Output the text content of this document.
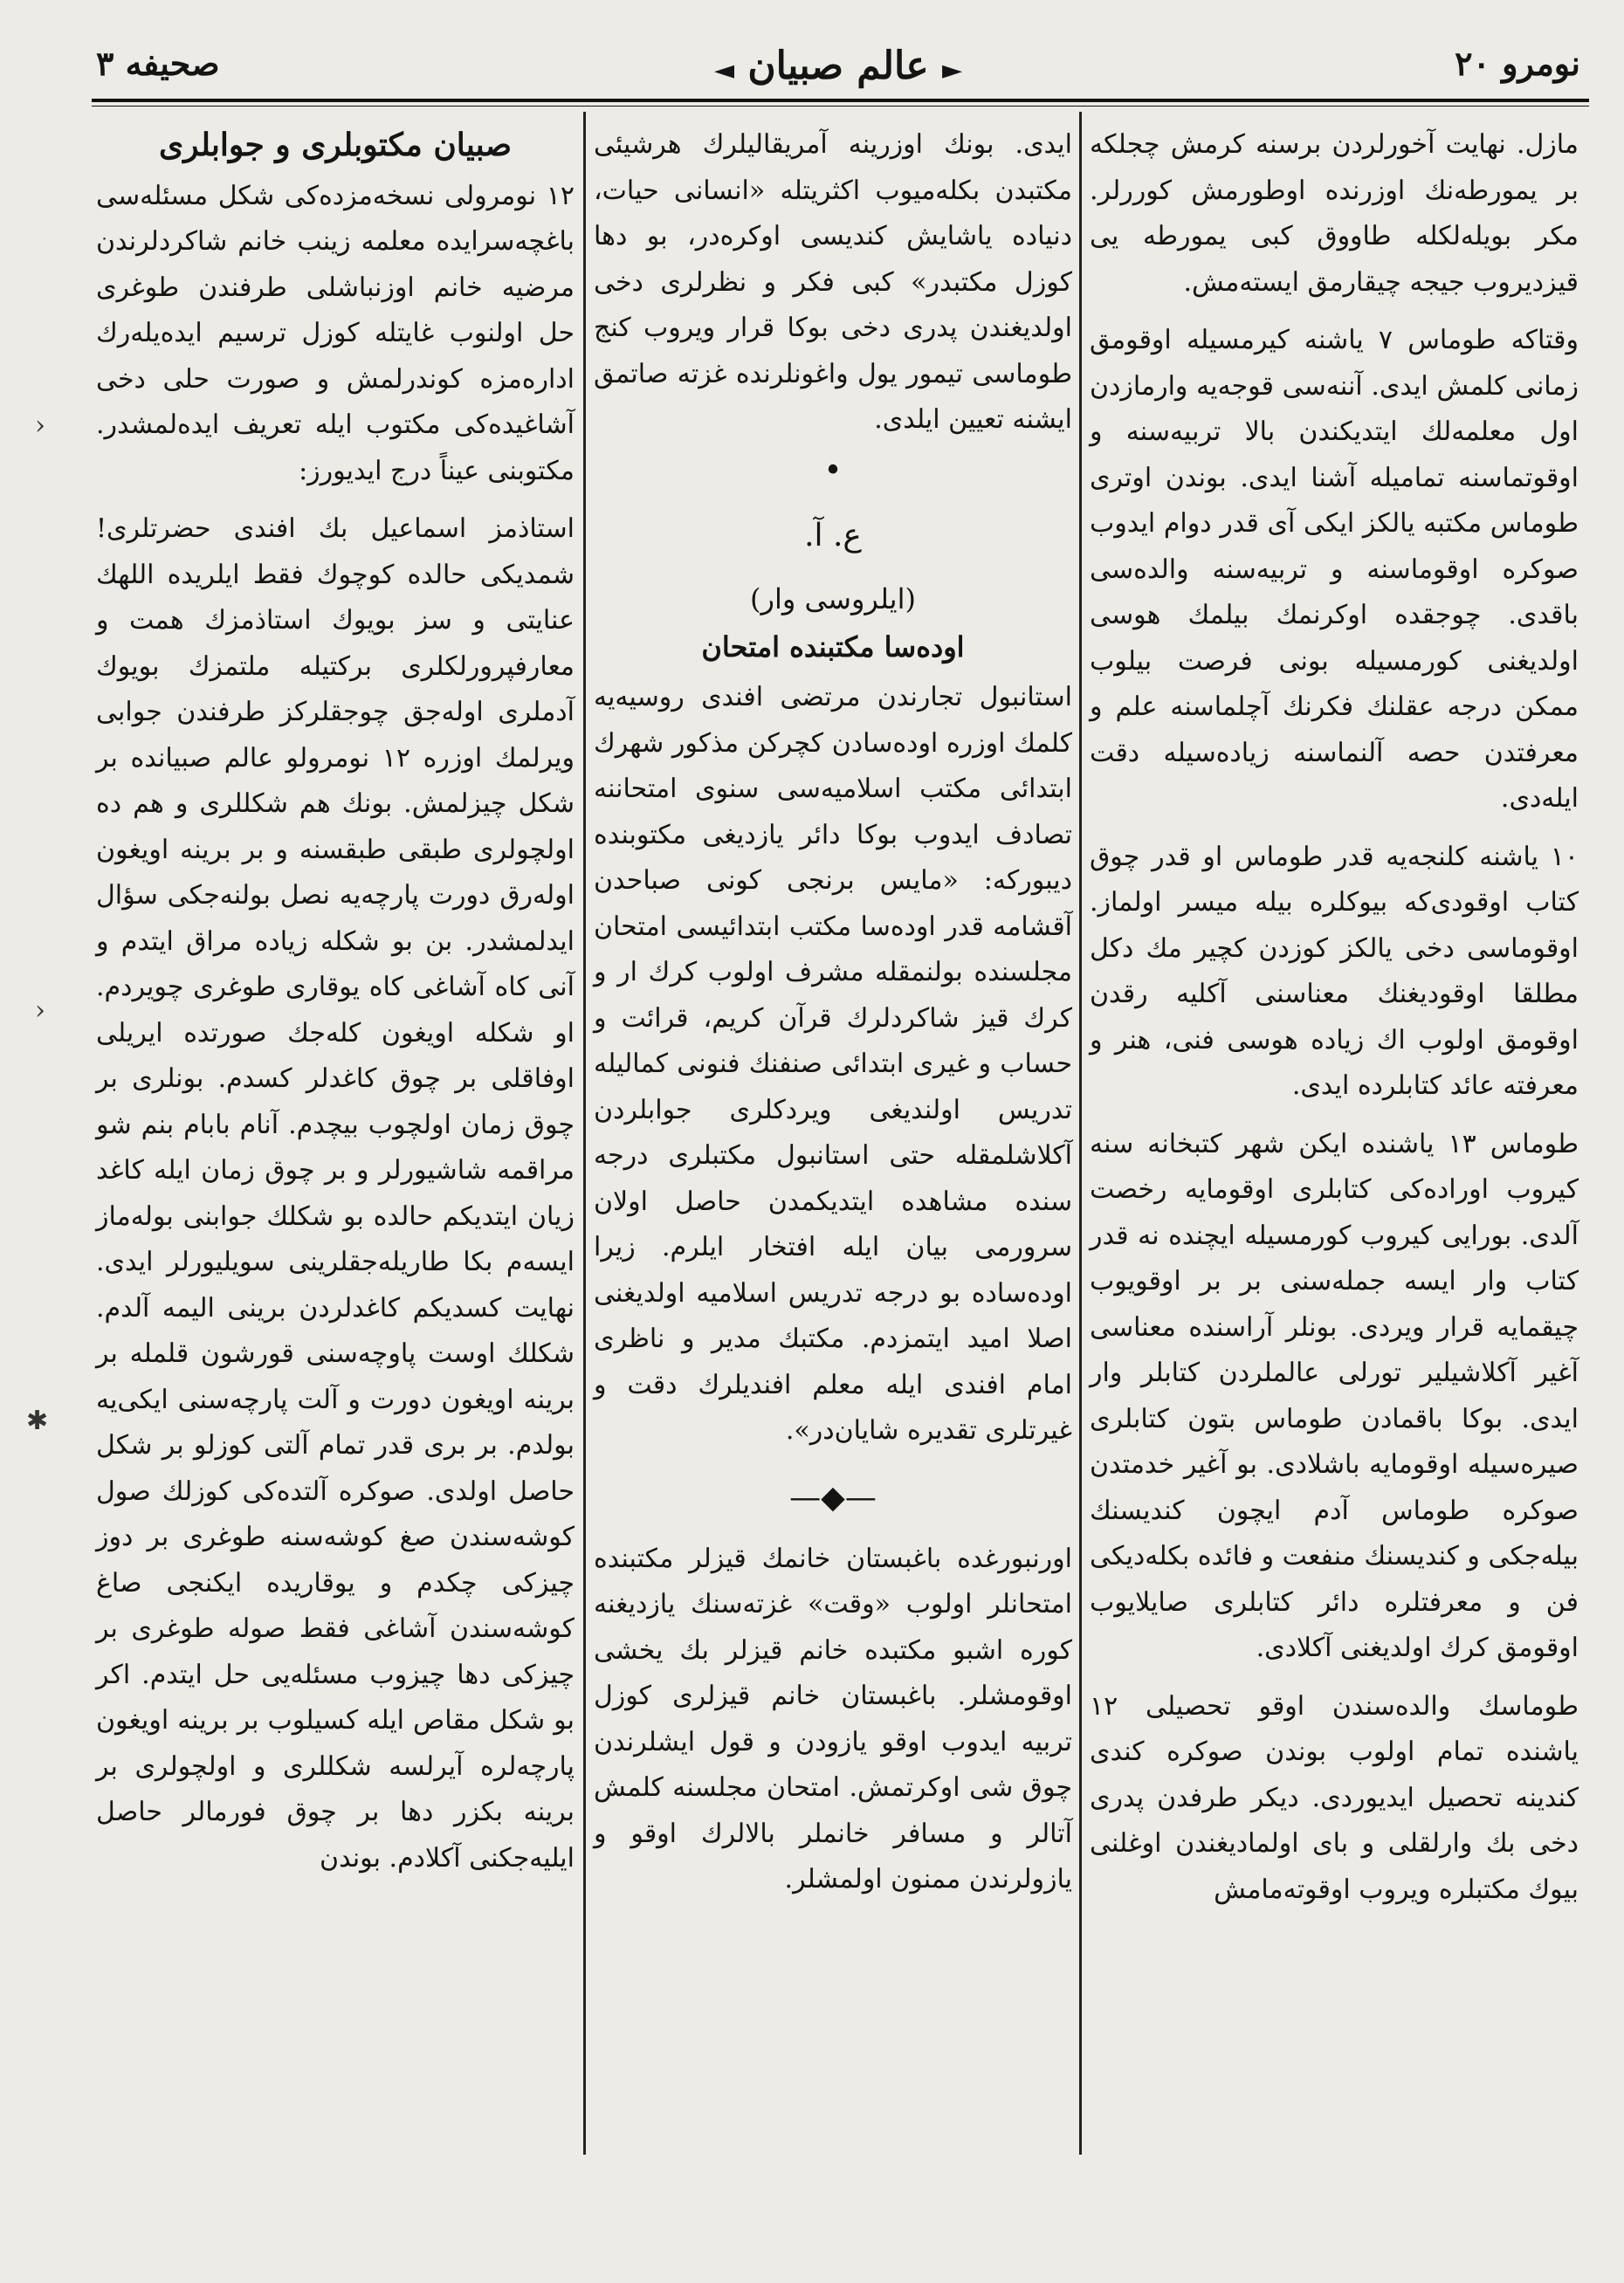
نومرو ٢٠
► عالم صبيان ◄
صحيفه ٣

مازل. نهايت آخورلردن برسنه کرمش چجلکه بر يمورطه‌نك اوزرنده اوطورمش کوررلر. مکر بويله‌لکله طاووق کبى يمورطه يى قيزديروب جيجه چيقارمق ايسته‌مش.

وقتاکه طوماس ٧ ياشنه کيرمسيله اوقومق زمانى کلمش ايدى. آننه‌سى قوجه‌يه وارمازدن اول معلمه‌لك ايتديکندن بالا تربيه‌سنه و اوقوتماسنه تماميله آشنا ايدى. بوندن اوترى طوماس مکتبه يالکز ايکى آى قدر دوام ايدوب صوکره اوقوماسنه و تربيه‌سنه والده‌سى باقدى. چوجقده اوکرنمك بيلمك هوسى اولديغنى کورمسيله بونى فرصت بيلوب ممکن درجه عقلنك فکرنك آچلماسنه علم و معرفتدن حصه آلنماسنه زياده‌سيله دقت ايلەدى.

١٠ ياشنه کلنجه‌يه قدر طوماس او قدر چوق کتاب اوقودى‌که بيوکلره بيله ميسر اولماز. اوقوماسى دخى يالکز کوزدن کچير مك دکل مطلقا اوقوديغنك معناسنى آکليه رقدن اوقومق اولوب اك زياده هوسى فنى، هنر و معرفته عائد کتابلرده ايدى.

طوماس ١٣ ياشنده ايکن شهر کتبخانه سنه کيروب اوراده‌کى کتابلرى اوقومايه رخصت آلدى. بورايى کيروب کورمسيله ايچنده نه قدر کتاب وار ايسه جمله‌سنى بر بر اوقويوب چيقمايه قرار ويردى. بونلر آراسنده معناسى آغير آکلاشيلير تورلى عالملردن کتابلر وار ايدى. بوکا باقمادن طوماس بتون کتابلرى صيره‌سيله اوقومايه باشلادى. بو آغير خدمتدن صوکره طوماس آدم ايچون کنديسنك بيله‌جکى و کنديسنك منفعت و فائده بکله‌ديکى فن و معرفتلره دائر کتابلرى صايلايوب اوقومق کرك اولديغنى آکلادى.

طوماسك والده‌سندن اوقو تحصيلى ١٢ ياشنده تمام اولوب بوندن صوکره کندى کندينه تحصيل ايديوردى. ديکر طرفدن پدرى دخى بك وارلقلى و باى اولماديغندن اوغلنى بيوك مکتبلره ويروب اوقوته‌مامش

ايدى. بونك اوزرينه آمريقاليلرك هرشيئى مکتبدن بکله‌ميوب اکثريتله «انسانى حيات، دنياده ياشايش کنديسى اوکره‌در، بو دها کوزل مکتبدر» کبى فکر و نظرلرى دخى اولديغندن پدرى دخى بوکا قرار ويروب کنج طوماسى تيمور يول واغونلرنده غزته صاتمق ايشنه تعيين ايلدى.

•
ع. آ.
(ايلروسى وار)
اوده‌سا مکتبنده امتحان

استانبول تجارندن مرتضى افندى روسيه‌يه کلمك اوزره اوده‌سادن کچرکن مذکور شهرك ابتدائى مکتب اسلاميه‌سى سنوى امتحاننه تصادف ايدوب بوکا دائر يازديغى مکتوبنده ديبورکه: «مايس برنجى کونى صباحدن آقشامه قدر اوده‌سا مکتب ابتدائيسى امتحان مجلسنده بولنمقله مشرف اولوب کرك ار و کرك قيز شاکردلرك قرآن کريم، قرائت و حساب و غيرى ابتدائى صنفنك فنونى کماليله تدريس اولنديغى ويردکلرى جوابلردن آکلاشلمقله حتى استانبول مکتبلرى درجه سنده مشاهده ايتديکمدن حاصل اولان سرورمى بيان ايله افتخار ايلرم. زيرا اوده‌ساده بو درجه تدريس اسلاميه اولديغنى اصلا اميد ايتمزدم. مکتبك مدير و ناظرى امام افندى ايله معلم افنديلرك دقت و غيرتلرى تقديره شايان‌در».

—◆—

اورنبورغده باغبستان خانمك قيزلر مکتبنده امتحانلر اولوب «وقت» غزته‌سنك يازديغنه کوره اشبو مکتبده خانم قيزلر بك يخشى اوقومشلر. باغبستان خانم قيزلرى کوزل تربيه ايدوب اوقو يازودن و قول ايشلرندن چوق شى اوکرتمش. امتحان مجلسنه کلمش آتالر و مسافر خانملر بالالرك اوقو و يازولرندن ممنون اولمشلر.

صبيان مکتوبلرى و جوابلرى

١٢ نومرولى نسخه‌مزده‌کى شکل مسئله‌سى باغچه‌سرايده معلمه زينب خانم شاکردلرندن مرضيه خانم اوزنباشلى طرفندن طوغرى حل اولنوب غايتله کوزل ترسيم ايدەيله‌رك اداره‌مزه کوندرلمش و صورت حلى دخى آشاغيده‌کى مکتوب ايله تعريف ايدەلمشدر. مکتوبنى عيناً درج ايديورز:

استاذمز اسماعيل بك افندى حضرتلرى! شمديکى حالده کوچوك فقط ايلريده اللهك عنايتى و سز بويوك استاذمزك همت و معارفپرورلکلرى برکتيله ملتمزك بويوك آدملرى اوله‌جق چوجقلرکز طرفندن جوابى ويرلمك اوزره ١٢ نومرولو عالم صبيانده بر شکل چيزلمش. بونك هم شکللرى و هم ده اولچولرى طبقى طبقسنه و بر برينه اويغون اوله‌رق دورت پارچه‌يه نصل بولنه‌جکى سؤال ايدلمشدر. بن بو شکله زياده مراق ايتدم و آنى کاه آشاغى کاه يوقارى طوغرى چويردم. او شکله اويغون کله‌جك صورتده ايريلى اوفاقلى بر چوق کاغدلر کسدم. بونلرى بر چوق زمان اولچوب بيچدم. آنام بابام بنم شو مراقمه شاشيورلر و بر چوق زمان ايله کاغد زيان ايتديکم حالده بو شکلك جوابنى بوله‌ماز ايسه‌م بکا طاريله‌جقلرينى سويليورلر ايدى. نهايت کسديکم کاغدلردن برينى اليمه آلدم. شکلك اوست پاوچه‌سنى قورشون قلمله بر برينه اويغون دورت و آلت پارچه‌سنى ايکى‌يه بولدم. بر برى قدر تمام آلتى کوزلو بر شکل حاصل اولدى. صوکره آلتده‌کى کوزلك صول کوشه‌سندن صغ کوشه‌سنه طوغرى بر دوز چيزکى چکدم و يوقاريده ايکنجى صاغ کوشه‌سندن آشاغى فقط صوله طوغرى بر چيزکى دها چيزوب مسئله‌يى حل ايتدم. اکر بو شکل مقاص ايله کسيلوب بر برينه اويغون پارچه‌لره آيرلسه شکللرى و اولچولرى بر برينه بکزر دها بر چوق فورمالر حاصل ايليه‌جکنى آکلادم. بوندن

›
›
✱
